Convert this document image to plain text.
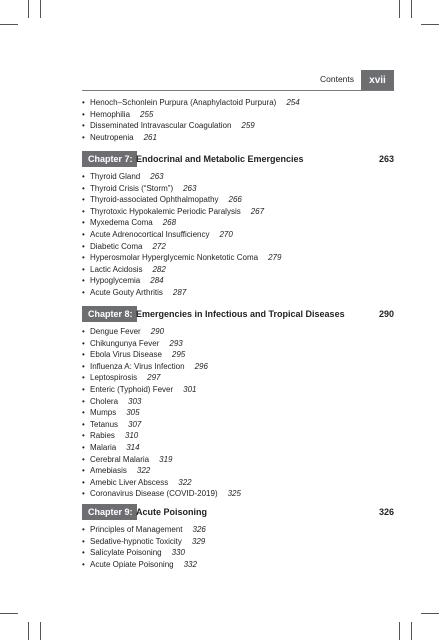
Contents	xvii
• Henoch–Schonlein Purpura (Anaphylactoid Purpura) 254
• Hemophilia 255
• Disseminated Intravascular Coagulation 259
• Neutropenia 261
Chapter 7: Endocrinal and Metabolic Emergencies	263
• Thyroid Gland 263
• Thyroid Crisis (“Storm”) 263
• Thyroid-associated Ophthalmopathy 266
• Thyrotoxic Hypokalemic Periodic Paralysis 267
• Myxedema Coma 268
• Acute Adrenocortical Insufficiency 270
• Diabetic Coma 272
• Hyperosmolar Hyperglycemic Nonketotic Coma 279
• Lactic Acidosis 282
• Hypoglycemia 284
• Acute Gouty Arthritis 287
Chapter 8: Emergencies in Infectious and Tropical Diseases	290
• Dengue Fever 290
• Chikungunya Fever 293
• Ebola Virus Disease 295
• Influenza A: Virus Infection 296
• Leptospirosis 297
• Enteric (Typhoid) Fever 301
• Cholera 303
• Mumps 305
• Tetanus 307
• Rabies 310
• Malaria 314
• Cerebral Malaria 319
• Amebiasis 322
• Amebic Liver Abscess 322
• Coronavirus Disease (COVID-2019) 325
Chapter 9: Acute Poisoning	326
• Principles of Management 326
• Sedative-hypnotic Toxicity 329
• Salicylate Poisoning 330
• Acute Opiate Poisoning 332
